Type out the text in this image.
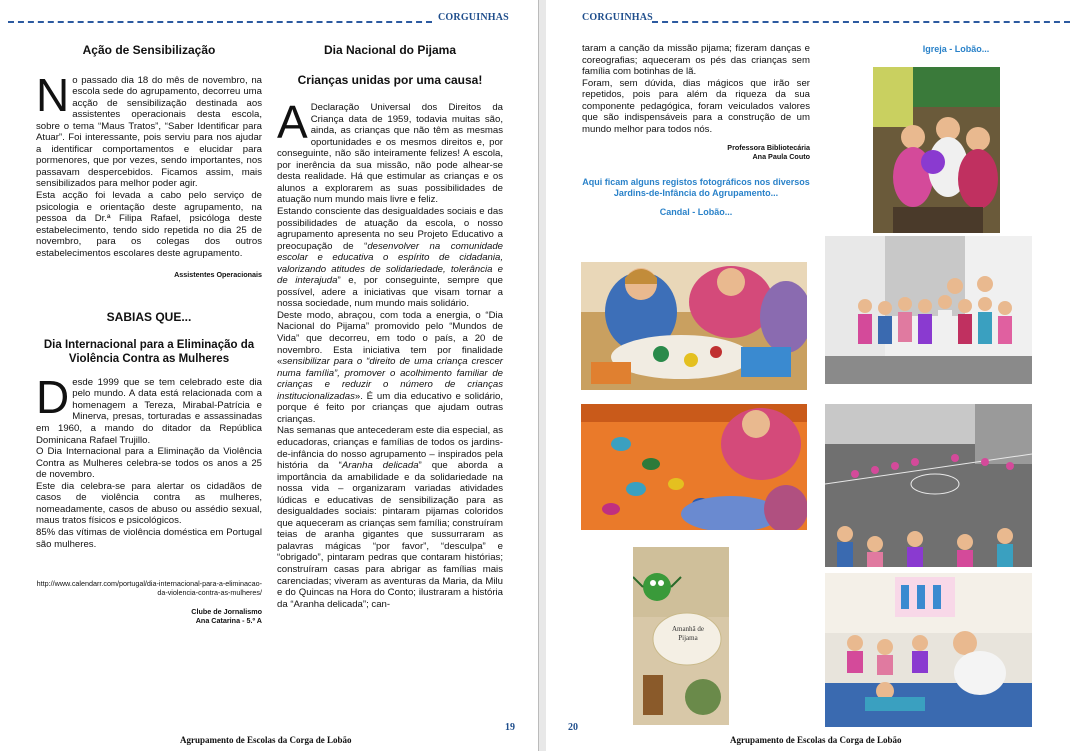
CORGUINHAS

Ação de Sensibilização

No passado dia 18 do mês de novembro, na escola sede do agrupamento, decorreu uma acção de sensibilização destinada aos assistentes operacionais desta escola, sobre o tema “Maus Tratos”, “Saber Identificar para Atuar”. Foi interessante, pois serviu para nos ajudar a identificar comportamentos e elucidar para pormenores, que por vezes, sendo importantes, nos passavam despercebidos. Ficamos assim, mais sensibilizados para melhor poder agir.

Esta acção foi levada a cabo pelo serviço de psicologia e orientação deste agrupamento, na pessoa da Dr.ª Filipa Rafael, psicóloga deste estabelecimento, tendo sido repetida no dia 25 de novembro, para os colegas dos outros estabelecimentos escolares deste agrupamento.

Assistentes Operacionais

SABIAS QUE...

Dia Internacional para a Eliminação da Violência Contra as Mulheres

Desde 1999 que se tem celebrado este dia pelo mundo. A data está relacionada com a homenagem a Tereza, Mirabal-Patrícia e Minerva, presas, torturadas e assassinadas em 1960, a mando do ditador da República Dominicana Rafael Trujillo.

O Dia Internacional para a Eliminação da Violência Contra as Mulheres celebra-se todos os anos a 25 de novembro.

Este dia celebra-se para alertar os cidadãos de casos de violência contra as mulheres, nomeadamente, casos de abuso ou assédio sexual, maus tratos físicos e psicológicos.

85% das vítimas de violência doméstica em Portugal são mulheres.

http://www.calendarr.com/portugal/dia-internacional-para-a-eliminacao-da-violencia-contra-as-mulheres/

Clube de Jornalismo

Ana Catarina - 5.º A

Dia Nacional do Pijama

Crianças unidas por uma causa!

A Declaração Universal dos Direitos da Criança data de 1959, todavia muitas são, ainda, as crianças que não têm as mesmas oportunidades e os mesmos direitos e, por conseguinte, não são inteiramente felizes! A escola, por inerência da sua missão, não pode alhear-se desta realidade. Há que estimular as crianças e os alunos a explorarem as suas possibilidades de atuação num mundo mais livre e feliz.

Estando consciente das desigualdades sociais e das possibilidades de atuação da escola, o nosso agrupamento apresenta no seu Projeto Educativo a preocupação de “desenvolver na comunidade escolar e educativa o espírito de cidadania, valorizando atitudes de solidariedade, tolerância e de interajuda” e, por conseguinte, sempre que possível, adere a iniciativas que visam tornar a nossa sociedade, num mundo mais solidário.

Deste modo, abraçou, com toda a energia, o “Dia Nacional do Pijama” promovido pelo “Mundos de Vida” que decorreu, em todo o país, a 20 de novembro. Esta iniciativa tem por finalidade «sensibilizar para o “direito de uma criança crescer numa família”, promover o acolhimento familiar de crianças e reduzir o número de crianças institucionalizadas». É um dia educativo e solidário, porque é feito por crianças que ajudam outras crianças.

Nas semanas que antecederam este dia especial, as educadoras, crianças e famílias de todos os jardins-de-infância do nosso agrupamento – inspirados pela história da “Aranha delicada” que aborda a importância da amabilidade e da solidariedade na nossa vida – organizaram variadas atividades lúdicas e educativas de sensibilização para as desigualdades sociais: pintaram pijamas coloridos que aqueceram as crianças sem família; construíram teias de aranha gigantes que sussurraram as palavras mágicas “por favor”, “desculpa” e “obrigado”, pintaram pedras que contaram histórias; construíram casas para abrigar as famílias mais carenciadas; viveram as aventuras da Maria, da Milu e do Quincas na Hora do Conto; ilustraram a história da “Aranha delicada”; can-

19
Agrupamento de Escolas da Corga de Lobão
CORGUINHAS

taram a canção da missão pijama; fizeram danças e coreografias; aqueceram os pés das crianças sem família com botinhas de lã.

Foram, sem dúvida, dias mágicos que irão ser repetidos, pois para além da riqueza da sua componente pedagógica, foram veiculados valores que são indispensáveis para a construção de um mundo melhor para todos nós.

Professora Bibliotecária

Ana Paula Couto

Aqui ficam alguns registos fotográficos nos diversos Jardins-de-Infância do Agrupamento...

Candal - Lobão...

Igreja - Lobão...
Amanhã de Pijama
20
Agrupamento de Escolas da Corga de Lobão
